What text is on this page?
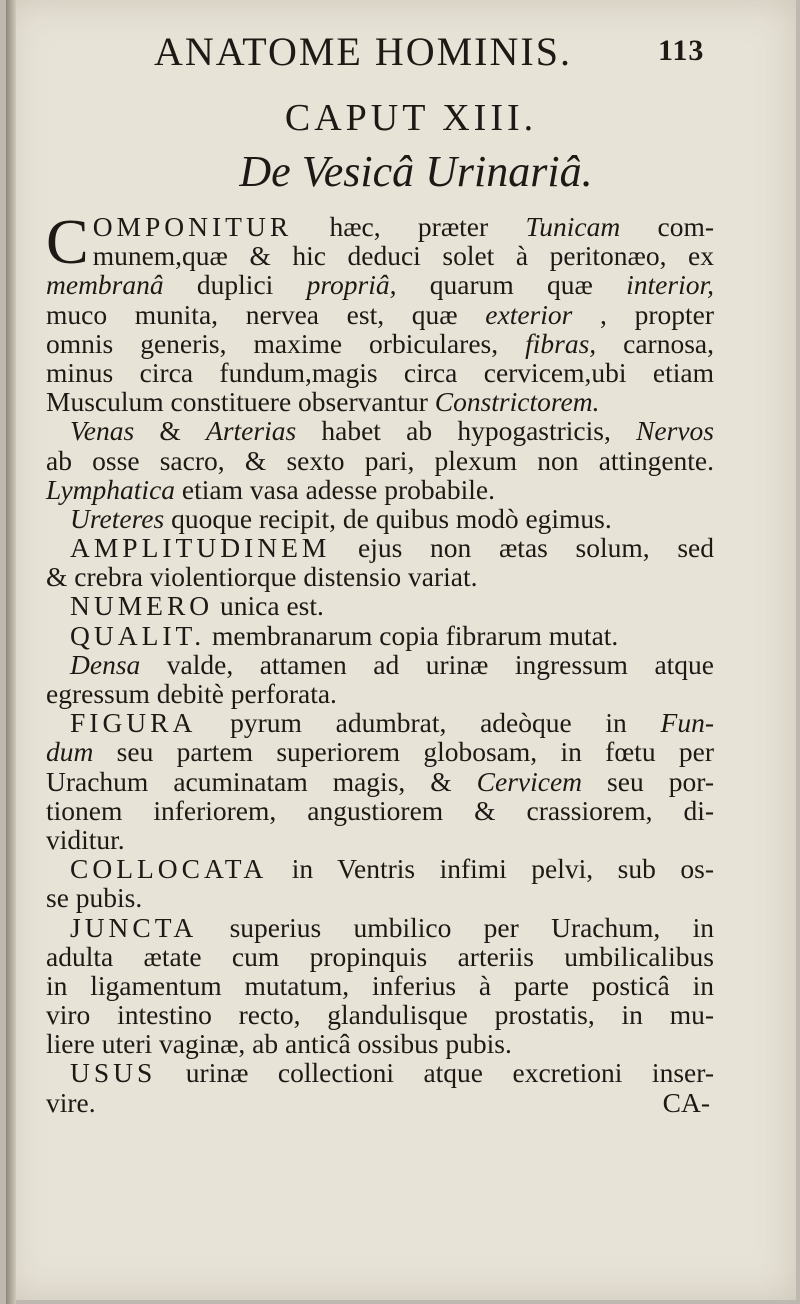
ANATOME HOMINIS.	113
CAPUT XIII.
De Vesicâ Urinariâ.
C OMPONITUR hæc, præter Tunicam com-
munem,quæ & hic deduci solet à peritonæo, ex
membranâ duplici propriâ, quarum quæ interior,
muco munita, nervea est, quæ exterior , propter
omnis generis, maxime orbiculares, fibras, carnosa,
minus circa fundum,magis circa cervicem,ubi etiam
Musculum constituere observantur Constrictorem.
Venas & Arterias habet ab hypogastricis, Nervos
ab osse sacro, & sexto pari, plexum non attingente.
Lymphatica etiam vasa adesse probabile.
Ureteres quoque recipit, de quibus modò egimus.
AMPLITUDINEM ejus non ætas solum, sed
& crebra violentiorque distensio variat.
NUMERO unica est.
QUALIT. membranarum copia fibrarum mutat.
Densa valde, attamen ad urinæ ingressum atque
egressum debitè perforata.
FIGURA pyrum adumbrat, adeòque in Fun-
dum seu partem superiorem globosam, in fœtu per
Urachum acuminatam magis, & Cervicem seu por-
tionem inferiorem, angustiorem & crassiorem, di-
viditur.
COLLOCATA in Ventris infimi pelvi, sub os-
se pubis.
JUNCTA superius umbilico per Urachum, in
adulta ætate cum propinquis arteriis umbilicalibus
in ligamentum mutatum, inferius à parte posticâ in
viro intestino recto, glandulisque prostatis, in mu-
liere uteri vaginæ, ab anticâ ossibus pubis.
USUS urinæ collectioni atque excretioni inser-
vire.	CA-
